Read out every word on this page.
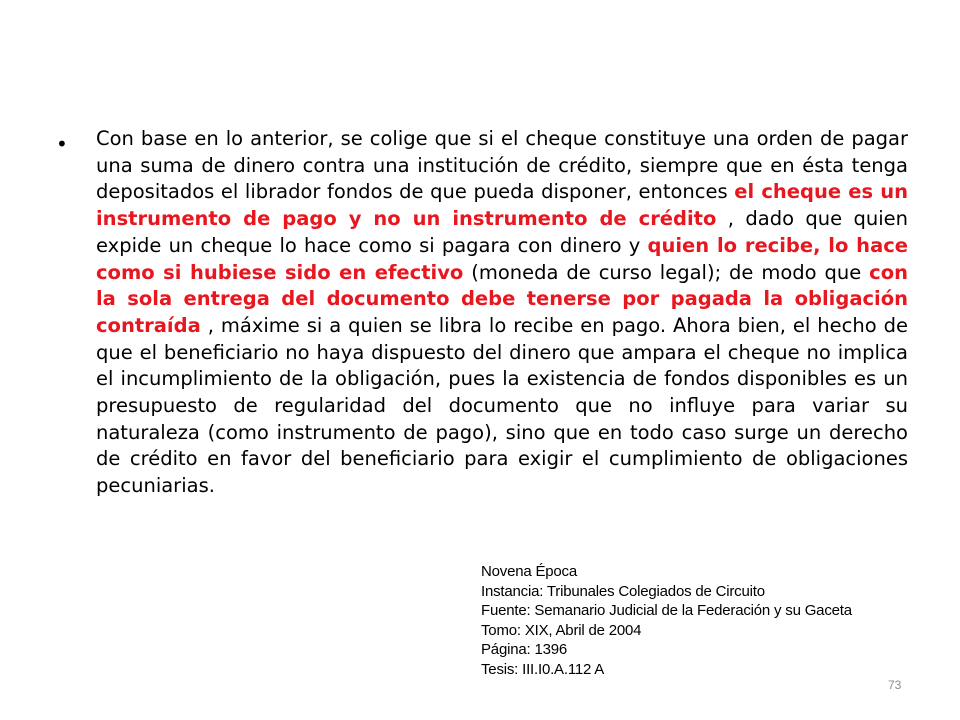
• Con base en lo anterior, se colige que si el cheque constituye una orden de pagar una suma de dinero contra una institución de crédito, siempre que en ésta tenga depositados el librador fondos de que pueda disponer, entonces el cheque es un instrumento de pago y no un instrumento de crédito , dado que quien expide un cheque lo hace como si pagara con dinero y quien lo recibe, lo hace como si hubiese sido en efectivo (moneda de curso legal); de modo que con la sola entrega del documento debe tenerse por pagada la obligación contraída , máxime si a quien se libra lo recibe en pago. Ahora bien, el hecho de que el beneficiario no haya dispuesto del dinero que ampara el cheque no implica el incumplimiento de la obligación, pues la existencia de fondos disponibles es un presupuesto de regularidad del documento que no influye para variar su naturaleza (como instrumento de pago), sino que en todo caso surge un derecho de crédito en favor del beneficiario para exigir el cumplimiento de obligaciones pecuniarias.

Novena Época
Instancia: Tribunales Colegiados de Circuito
Fuente: Semanario Judicial de la Federación y su Gaceta
Tomo: XIX, Abril de 2004
Página: 1396
Tesis: III.I0.A.112 A
73
